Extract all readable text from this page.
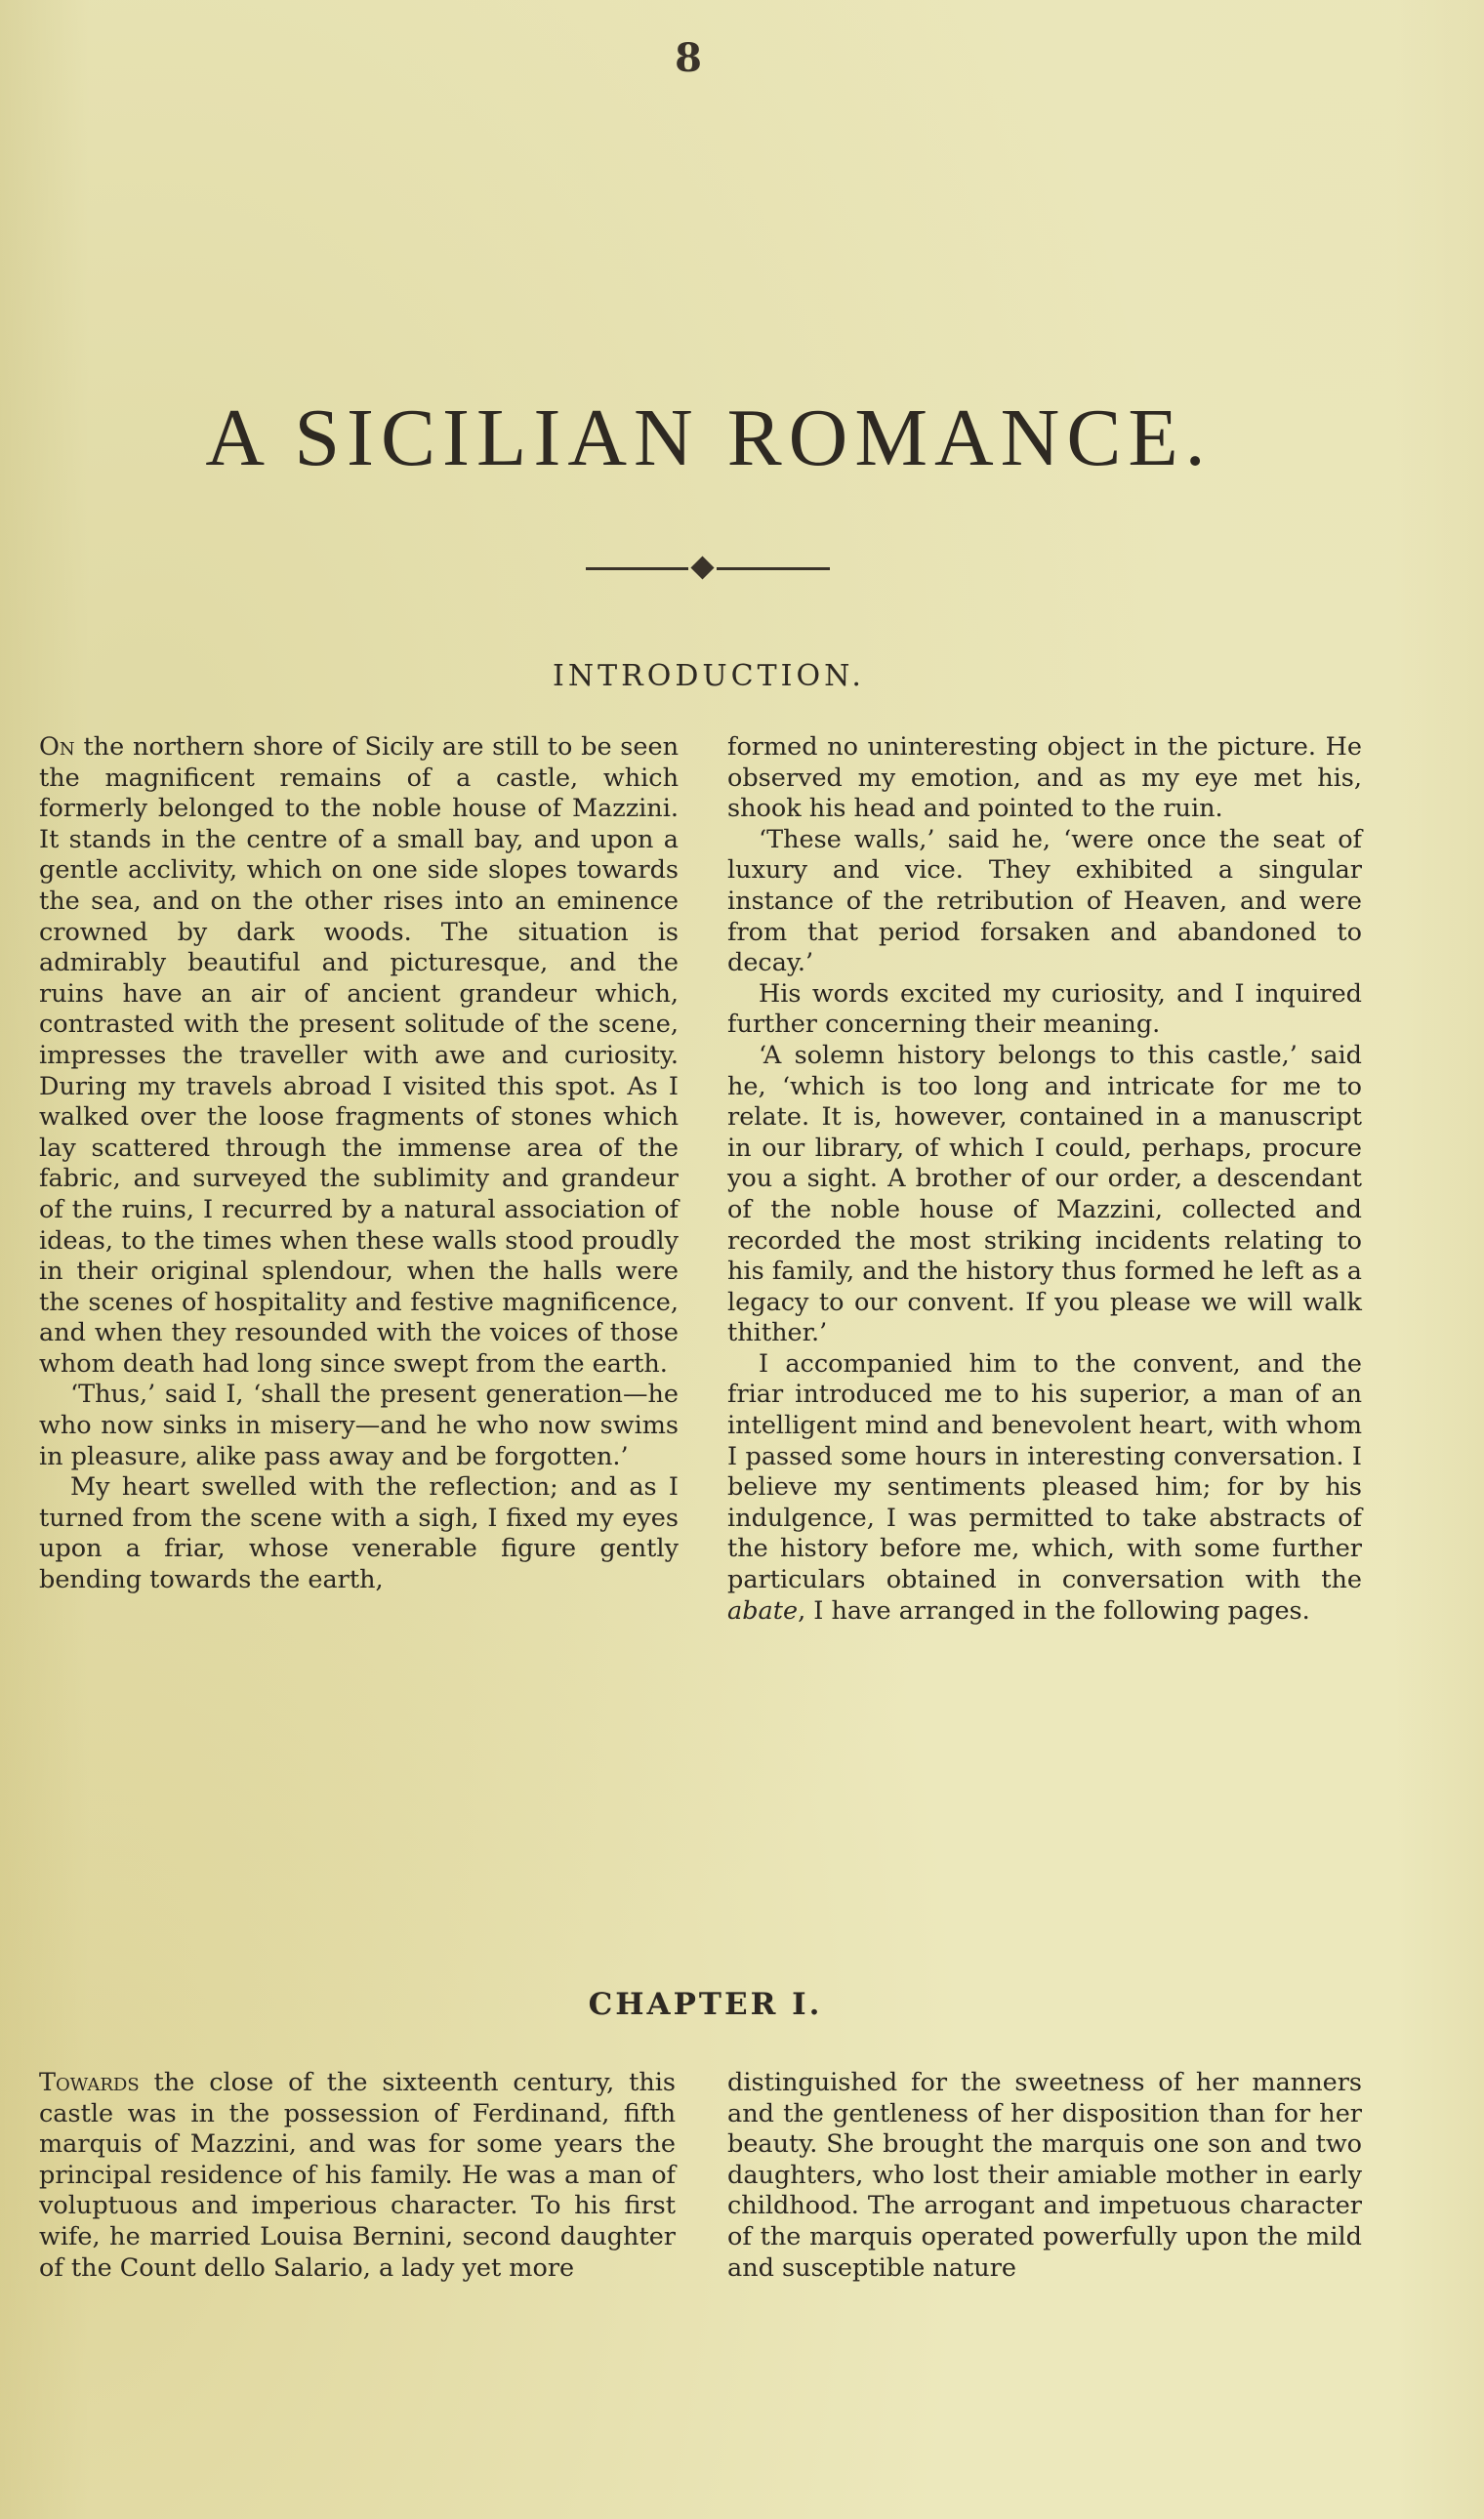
8
A SICILIAN ROMANCE.
INTRODUCTION.

On the northern shore of Sicily are still to be seen the magnificent remains of a castle, which formerly belonged to the noble house of Mazzini. It stands in the centre of a small bay, and upon a gentle acclivity, which on one side slopes towards the sea, and on the other rises into an eminence crowned by dark woods. The situation is admirably beautiful and picturesque, and the ruins have an air of ancient grandeur which, contrasted with the present solitude of the scene, impresses the traveller with awe and curiosity. During my travels abroad I visited this spot. As I walked over the loose fragments of stones which lay scattered through the immense area of the fabric, and surveyed the sublimity and grandeur of the ruins, I recurred by a natural association of ideas, to the times when these walls stood proudly in their original splendour, when the halls were the scenes of hospitality and festive magnificence, and when they resounded with the voices of those whom death had long since swept from the earth.

‘Thus,’ said I, ‘shall the present generation—he who now sinks in misery—and he who now swims in pleasure, alike pass away and be forgotten.’

My heart swelled with the reflection; and as I turned from the scene with a sigh, I fixed my eyes upon a friar, whose venerable figure gently bending towards the earth,

formed no uninteresting object in the picture. He observed my emotion, and as my eye met his, shook his head and pointed to the ruin.

‘These walls,’ said he, ‘were once the seat of luxury and vice. They exhibited a singular instance of the retribution of Heaven, and were from that period forsaken and abandoned to decay.’

His words excited my curiosity, and I inquired further concerning their meaning.

‘A solemn history belongs to this castle,’ said he, ‘which is too long and intricate for me to relate. It is, however, contained in a manuscript in our library, of which I could, perhaps, procure you a sight. A brother of our order, a descendant of the noble house of Mazzini, collected and recorded the most striking incidents relating to his family, and the history thus formed he left as a legacy to our convent. If you please we will walk thither.’

I accompanied him to the convent, and the friar introduced me to his superior, a man of an intelligent mind and benevolent heart, with whom I passed some hours in interesting conversation. I believe my sentiments pleased him; for by his indulgence, I was permitted to take abstracts of the history before me, which, with some further particulars obtained in conversation with the abate, I have arranged in the following pages.

CHAPTER I.

Towards the close of the sixteenth century, this castle was in the possession of Ferdinand, fifth marquis of Mazzini, and was for some years the principal residence of his family. He was a man of voluptuous and imperious character. To his first wife, he married Louisa Bernini, second daughter of the Count dello Salario, a lady yet more

distinguished for the sweetness of her manners and the gentleness of her disposition than for her beauty. She brought the marquis one son and two daughters, who lost their amiable mother in early childhood. The arrogant and impetuous character of the marquis operated powerfully upon the mild and susceptible nature
